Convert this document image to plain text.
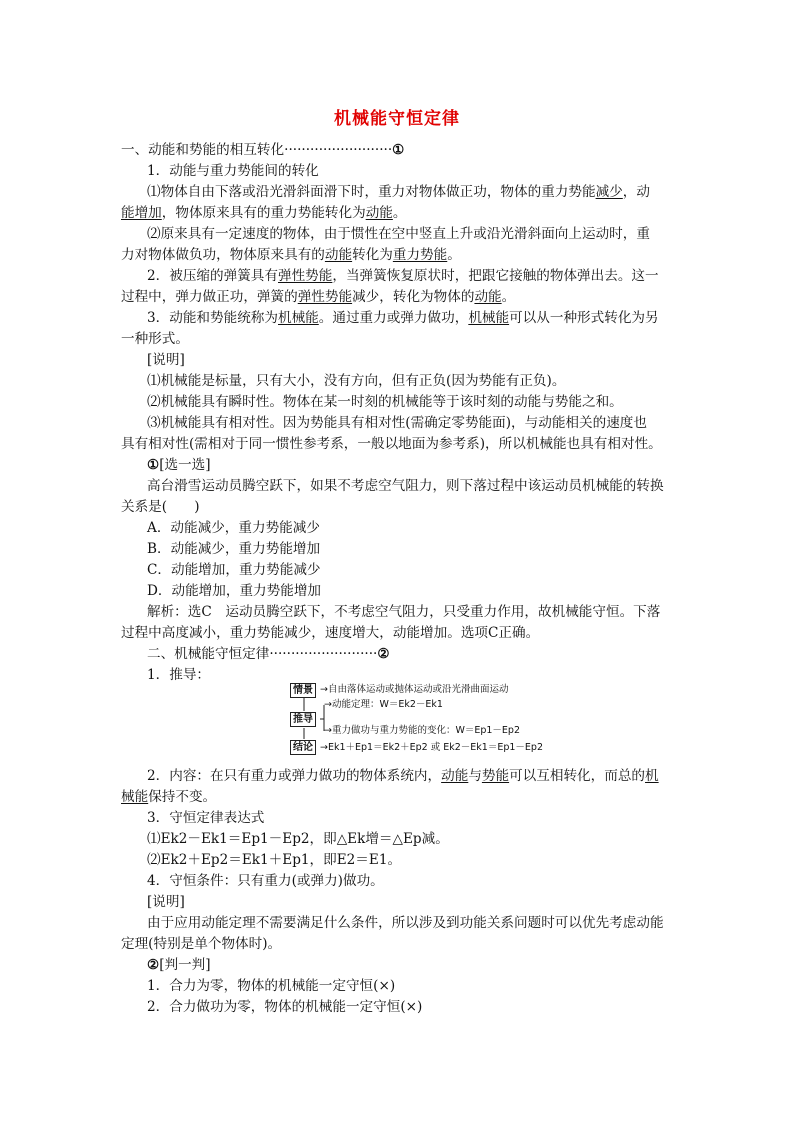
机械能守恒定律
一、动能和势能的相互转化·························①
1．动能与重力势能间的转化
⑴物体自由下落或沿光滑斜面滑下时，重力对物体做正功，物体的重力势能减少，动
能增加，物体原来具有的重力势能转化为动能。
⑵原来具有一定速度的物体，由于惯性在空中竖直上升或沿光滑斜面向上运动时，重
力对物体做负功，物体原来具有的动能转化为重力势能。
2．被压缩的弹簧具有弹性势能，当弹簧恢复原状时，把跟它接触的物体弹出去。这一
过程中，弹力做正功，弹簧的弹性势能减少，转化为物体的动能。
3．动能和势能统称为机械能。通过重力或弹力做功，机械能可以从一种形式转化为另
一种形式。
[说明]
⑴机械能是标量，只有大小，没有方向，但有正负(因为势能有正负)。
⑵机械能具有瞬时性。物体在某一时刻的机械能等于该时刻的动能与势能之和。
⑶机械能具有相对性。因为势能具有相对性(需确定零势能面)，与动能相关的速度也
具有相对性(需相对于同一惯性参考系，一般以地面为参考系)，所以机械能也具有相对性。
①[选一选]
高台滑雪运动员腾空跃下，如果不考虑空气阻力，则下落过程中该运动员机械能的转换
关系是(　　)
A．动能减少，重力势能减少
B．动能减少，重力势能增加
C．动能增加，重力势能减少
D．动能增加，重力势能增加
解析：选C　运动员腾空跃下，不考虑空气阻力，只受重力作用，故机械能守恒。下落
过程中高度减小，重力势能减少，速度增大，动能增加。选项C正确。
二、机械能守恒定律·························②
1．推导：
情景
推导
结论
→自由落体运动或抛体运动或沿光滑曲面运动
→动能定理：W＝Ek2－Ek1
→重力做功与重力势能的变化：W＝Ep1－Ep2
→Ek1＋Ep1＝Ek2＋Ep2 或 Ek2－Ek1＝Ep1－Ep2
2．内容：在只有重力或弹力做功的物体系统内，动能与势能可以互相转化，而总的机
械能保持不变。
3．守恒定律表达式
⑴Ek2－Ek1＝Ep1－Ep2，即△Ek增＝△Ep减。
⑵Ek2＋Ep2＝Ek1＋Ep1，即E2＝E1。
4．守恒条件：只有重力(或弹力)做功。
[说明]
由于应用动能定理不需要满足什么条件，所以涉及到功能关系问题时可以优先考虑动能
定理(特别是单个物体时)。
②[判一判]
1．合力为零，物体的机械能一定守恒(×)
2．合力做功为零，物体的机械能一定守恒(×)
